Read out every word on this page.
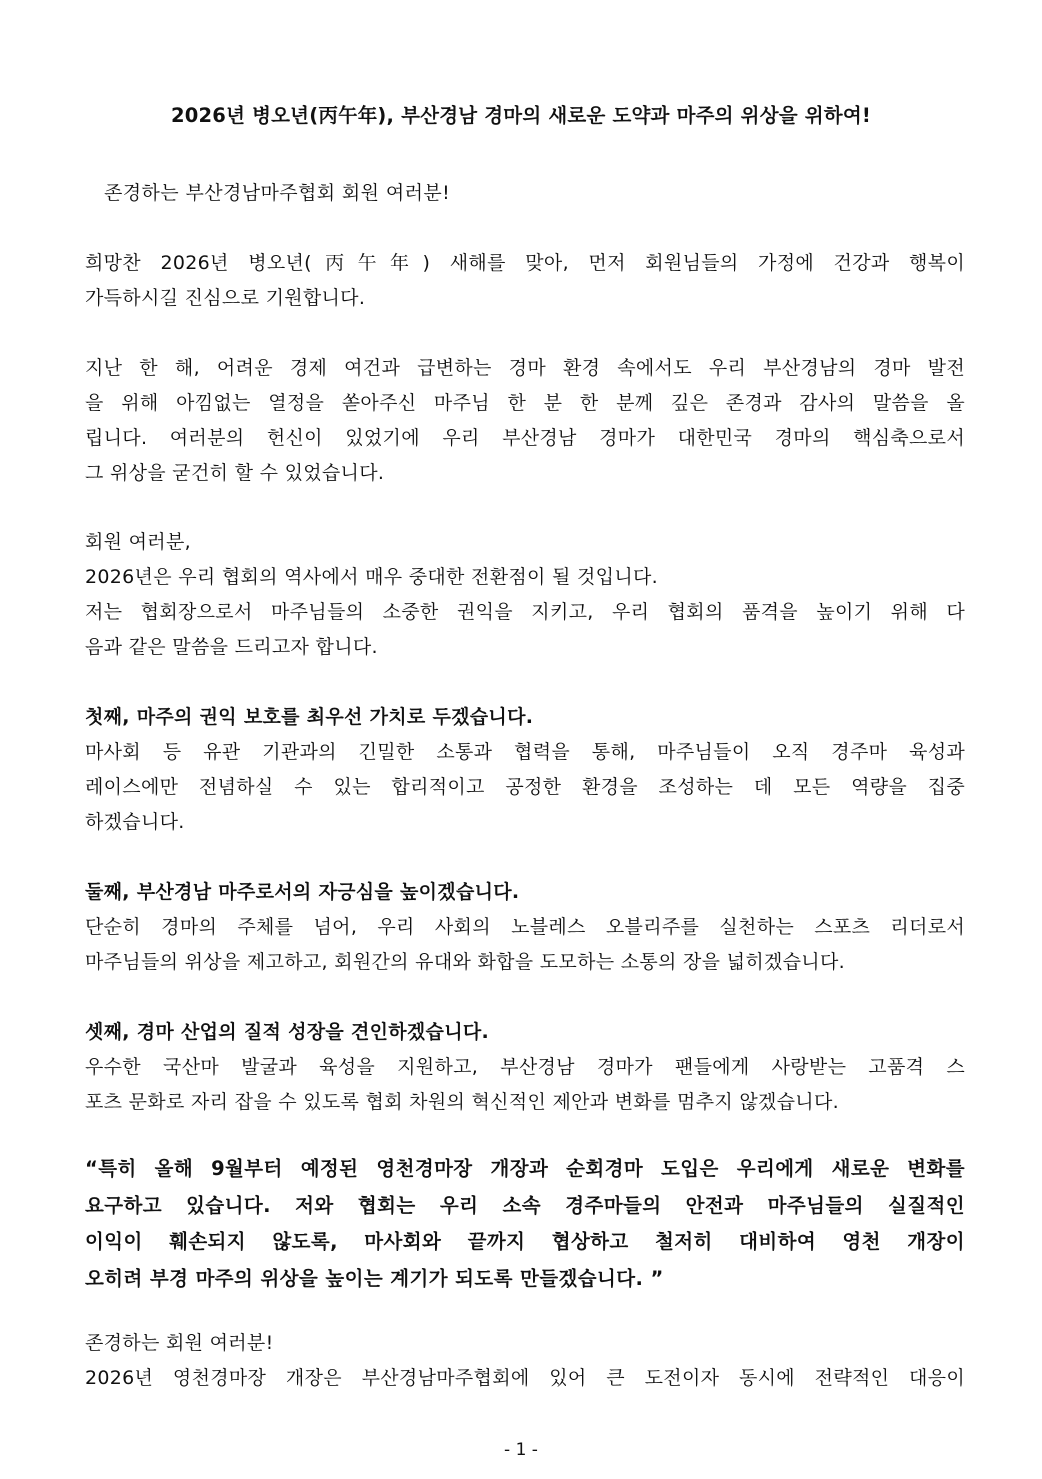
2026년 병오년(丙午年), 부산경남 경마의 새로운 도약과 마주의 위상을 위하여!
존경하는 부산경남마주협회 회원 여러분!
희망찬 2026년 병오년(丙午年) 새해를 맞아, 먼저 회원님들의 가정에 건강과 행복이
가득하시길 진심으로 기원합니다.
지난 한 해, 어려운 경제 여건과 급변하는 경마 환경 속에서도 우리 부산경남의 경마 발전
을 위해 아낌없는 열정을 쏟아주신 마주님 한 분 한 분께 깊은 존경과 감사의 말씀을 올
립니다. 여러분의 헌신이 있었기에 우리 부산경남 경마가 대한민국 경마의 핵심축으로서
그 위상을 굳건히 할 수 있었습니다.
회원 여러분,
2026년은 우리 협회의 역사에서 매우 중대한 전환점이 될 것입니다.
저는 협회장으로서 마주님들의 소중한 권익을 지키고, 우리 협회의 품격을 높이기 위해 다
음과 같은 말씀을 드리고자 합니다.
첫째, 마주의 권익 보호를 최우선 가치로 두겠습니다.
마사회 등 유관 기관과의 긴밀한 소통과 협력을 통해, 마주님들이 오직 경주마 육성과
레이스에만 전념하실 수 있는 합리적이고 공정한 환경을 조성하는 데 모든 역량을 집중
하겠습니다.
둘째, 부산경남 마주로서의 자긍심을 높이겠습니다.
단순히 경마의 주체를 넘어, 우리 사회의 노블레스 오블리주를 실천하는 스포츠 리더로서
마주님들의 위상을 제고하고, 회원간의 유대와 화합을 도모하는 소통의 장을 넓히겠습니다.
셋째, 경마 산업의 질적 성장을 견인하겠습니다.
우수한 국산마 발굴과 육성을 지원하고, 부산경남 경마가 팬들에게 사랑받는 고품격 스
포츠 문화로 자리 잡을 수 있도록 협회 차원의 혁신적인 제안과 변화를 멈추지 않겠습니다.
“특히 올해 9월부터 예정된 영천경마장 개장과 순회경마 도입은 우리에게 새로운 변화를
요구하고 있습니다. 저와 협회는 우리 소속 경주마들의 안전과 마주님들의 실질적인
이익이 훼손되지 않도록, 마사회와 끝까지 협상하고 철저히 대비하여 영천 개장이
오히려 부경 마주의 위상을 높이는 계기가 되도록 만들겠습니다. ”
존경하는 회원 여러분!
2026년 영천경마장 개장은 부산경남마주협회에 있어 큰 도전이자 동시에 전략적인 대응이
- 1 -
